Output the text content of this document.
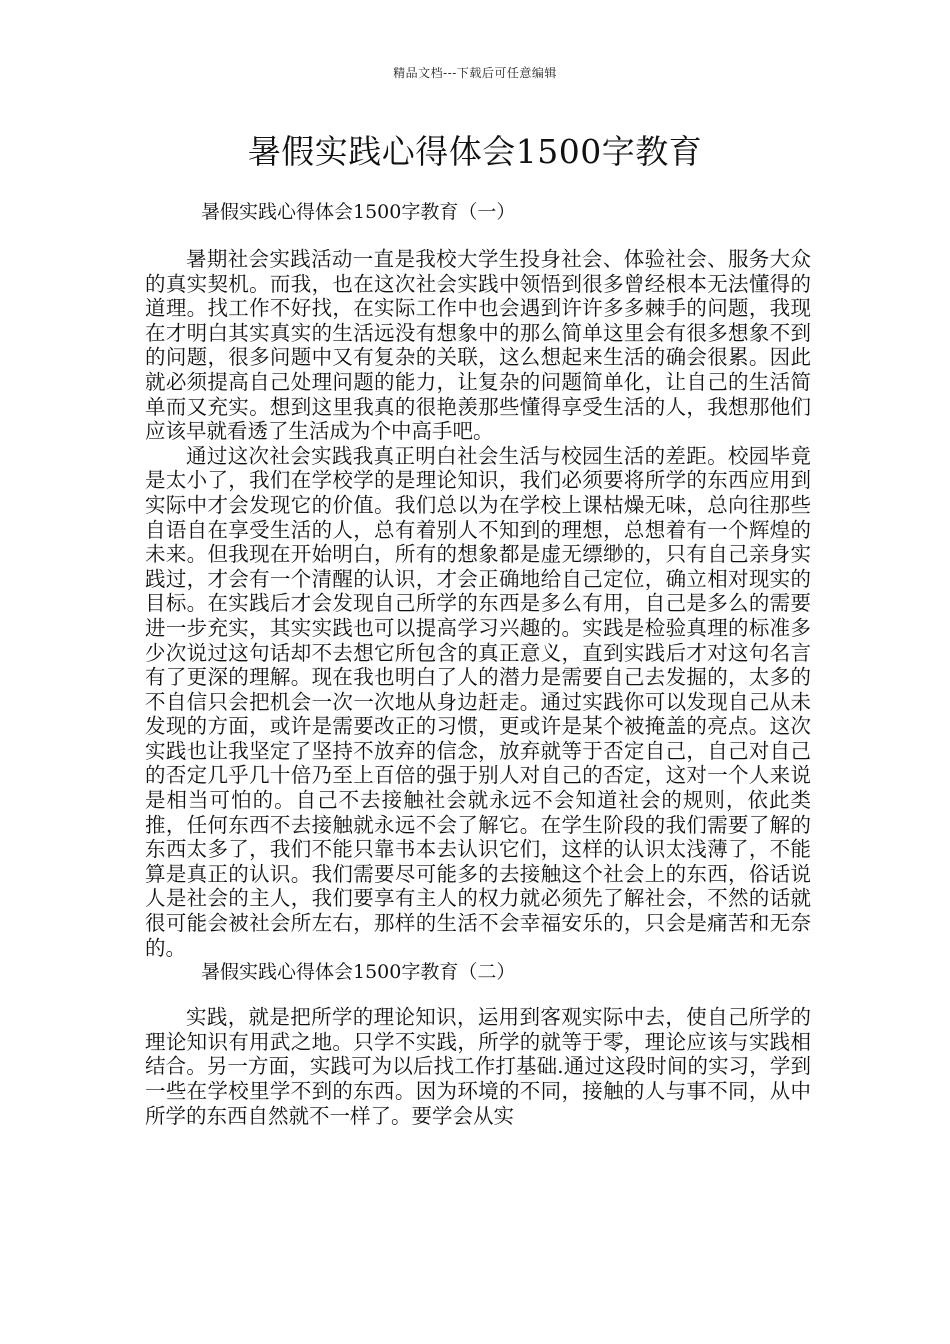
精品文档---下载后可任意编辑
暑假实践心得体会1500字教育

暑假实践心得体会1500字教育（一）

暑期社会实践活动一直是我校大学生投身社会、体验社会、服务大众的真实契机。而我，也在这次社会实践中领悟到很多曾经根本无法懂得的道理。找工作不好找，在实际工作中也会遇到许许多多棘手的问题，我现在才明白其实真实的生活远没有想象中的那么简单这里会有很多想象不到的问题，很多问题中又有复杂的关联，这么想起来生活的确会很累。因此就必须提高自己处理问题的能力，让复杂的问题简单化，让自己的生活简单而又充实。想到这里我真的很艳羡那些懂得享受生活的人，我想那他们应该早就看透了生活成为个中高手吧。

通过这次社会实践我真正明白社会生活与校园生活的差距。校园毕竟是太小了，我们在学校学的是理论知识，我们必须要将所学的东西应用到实际中才会发现它的价值。我们总以为在学校上课枯燥无味，总向往那些自语自在享受生活的人，总有着别人不知到的理想，总想着有一个辉煌的未来。但我现在开始明白，所有的想象都是虚无缥缈的，只有自己亲身实践过，才会有一个清醒的认识，才会正确地给自己定位，确立相对现实的目标。在实践后才会发现自己所学的东西是多么有用，自己是多么的需要进一步充实，其实实践也可以提高学习兴趣的。实践是检验真理的标准多少次说过这句话却不去想它所包含的真正意义，直到实践后才对这句名言有了更深的理解。现在我也明白了人的潜力是需要自己去发掘的，太多的不自信只会把机会一次一次地从身边赶走。通过实践你可以发现自己从未发现的方面，或许是需要改正的习惯，更或许是某个被掩盖的亮点。这次实践也让我坚定了坚持不放弃的信念，放弃就等于否定自己，自己对自己的否定几乎几十倍乃至上百倍的强于别人对自己的否定，这对一个人来说是相当可怕的。自己不去接触社会就永远不会知道社会的规则，依此类推，任何东西不去接触就永远不会了解它。在学生阶段的我们需要了解的东西太多了，我们不能只靠书本去认识它们，这样的认识太浅薄了，不能算是真正的认识。我们需要尽可能多的去接触这个社会上的东西，俗话说人是社会的主人，我们要享有主人的权力就必须先了解社会，不然的话就很可能会被社会所左右，那样的生活不会幸福安乐的，只会是痛苦和无奈的。

暑假实践心得体会1500字教育（二）

实践，就是把所学的理论知识，运用到客观实际中去，使自己所学的理论知识有用武之地。只学不实践，所学的就等于零，理论应该与实践相结合。另一方面，实践可为以后找工作打基础.通过这段时间的实习，学到一些在学校里学不到的东西。因为环境的不同，接触的人与事不同，从中所学的东西自然就不一样了。要学会从实
